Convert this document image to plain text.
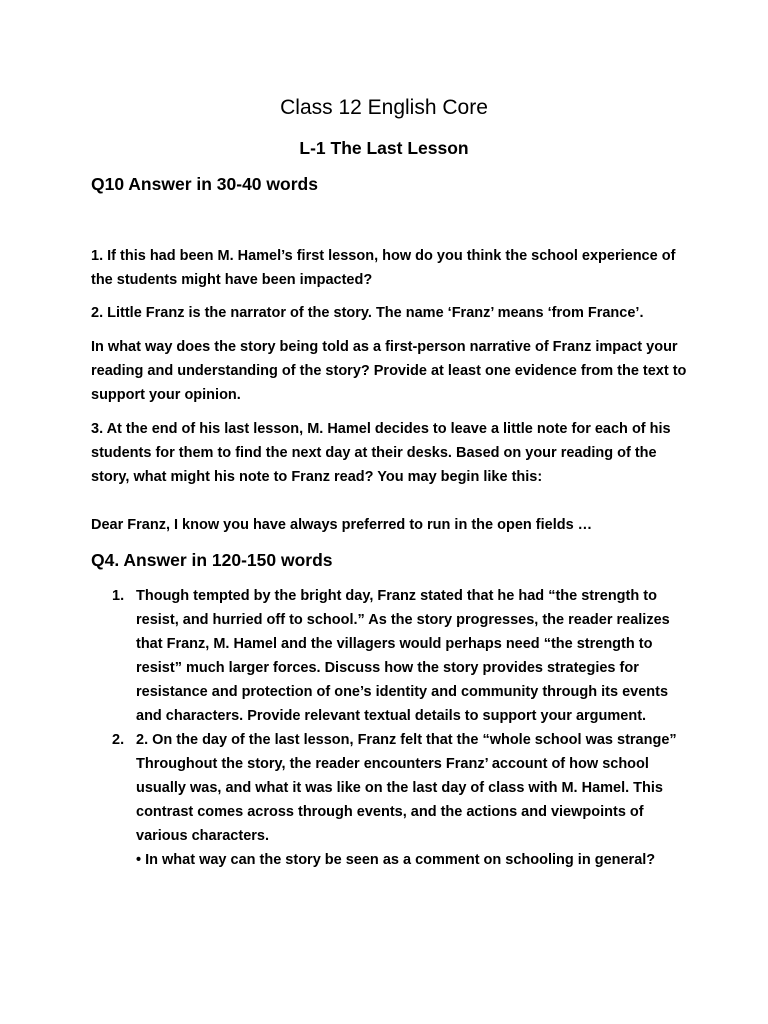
Class 12 English Core
L-1 The Last Lesson
Q10 Answer in 30-40 words

1. If this had been M. Hamel’s first lesson, how do you think the school experience of the students might have been impacted?

2. Little Franz is the narrator of the story. The name ‘Franz’ means ‘from France’.

In what way does the story being told as a first-person narrative of Franz impact your reading and understanding of the story? Provide at least one evidence from the text to support your opinion.

3. At the end of his last lesson, M. Hamel decides to leave a little note for each of his students for them to find the next day at their desks. Based on your reading of the story, what might his note to Franz read? You may begin like this:

Dear Franz, I know you have always preferred to run in the open fields …

Q4. Answer in 120-150 words
1. Though tempted by the bright day, Franz stated that he had “the strength to resist, and hurried off to school.” As the story progresses, the reader realizes that Franz, M. Hamel and the villagers would perhaps need “the strength to resist” much larger forces. Discuss how the story provides strategies for resistance and protection of one’s identity and community through its events and characters. Provide relevant textual details to support your argument.
2. 2. On the day of the last lesson, Franz felt that the “whole school was strange” Throughout the story, the reader encounters Franz’ account of how school usually was, and what it was like on the last day of class with M. Hamel. This contrast comes across through events, and the actions and viewpoints of various characters.
• In what way can the story be seen as a comment on schooling in general?
